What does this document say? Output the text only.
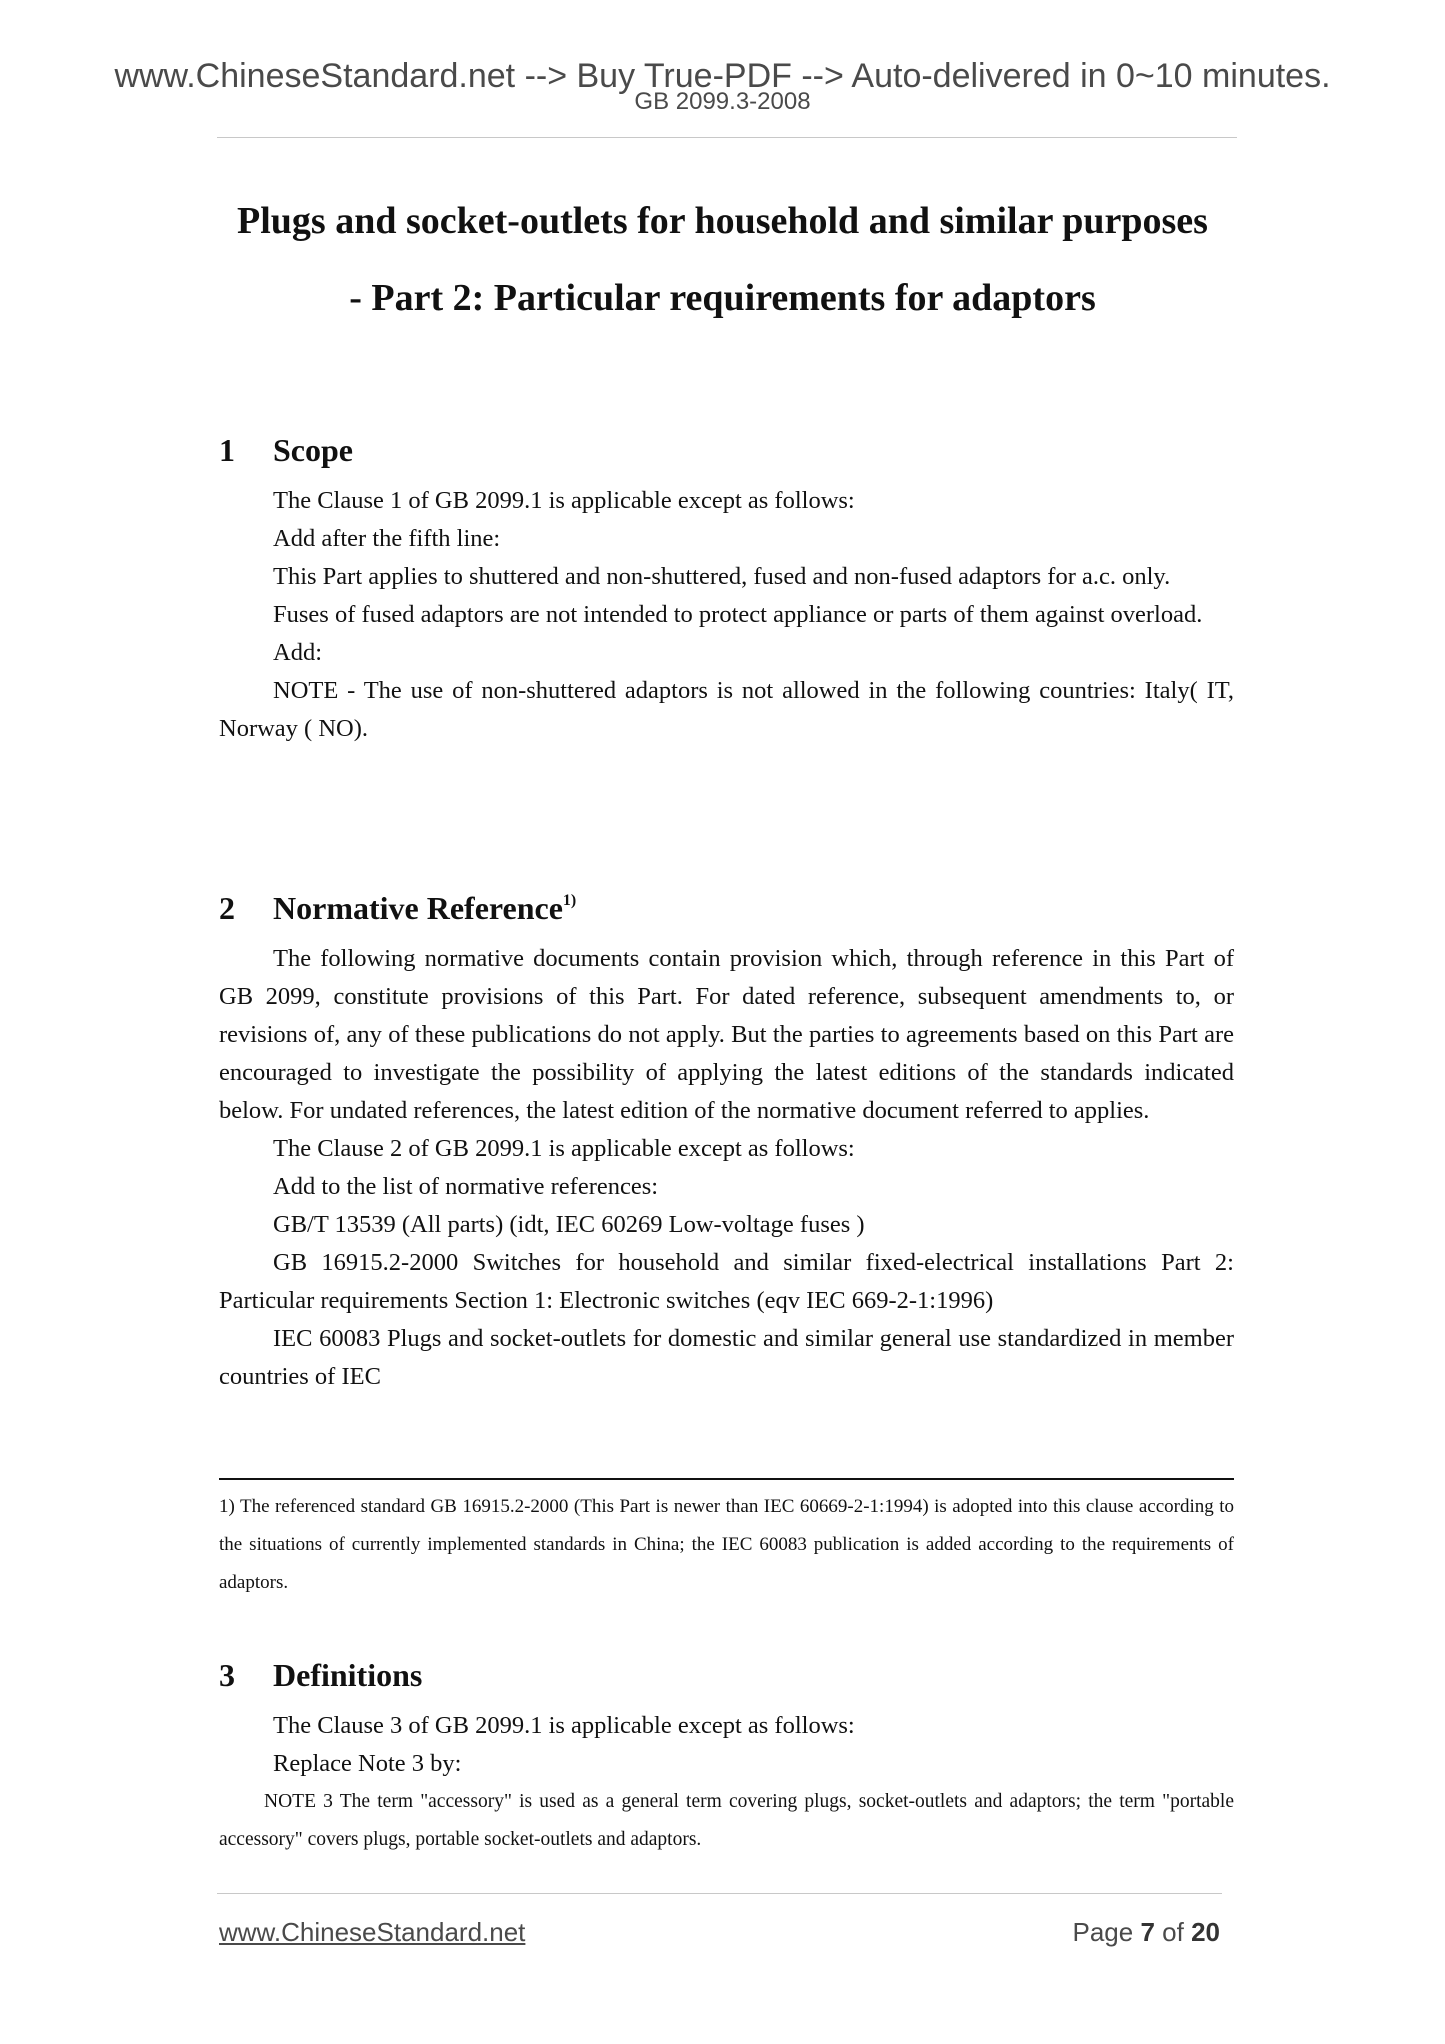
www.ChineseStandard.net --> Buy True-PDF --> Auto-delivered in 0~10 minutes.
GB 2099.3-2008
Plugs and socket-outlets for household and similar purposes
- Part 2: Particular requirements for adaptors
1 Scope

The Clause 1 of GB 2099.1 is applicable except as follows:

Add after the fifth line:

This Part applies to shuttered and non-shuttered, fused and non-fused adaptors for a.c. only.

Fuses of fused adaptors are not intended to protect appliance or parts of them against overload.

Add:

NOTE - The use of non-shuttered adaptors is not allowed in the following countries: Italy( IT, Norway ( NO).

2 Normative Reference$^{1)}$

The following normative documents contain provision which, through reference in this Part of GB 2099, constitute provisions of this Part. For dated reference, subsequent amendments to, or revisions of, any of these publications do not apply. But the parties to agreements based on this Part are encouraged to investigate the possibility of applying the latest editions of the standards indicated below. For undated references, the latest edition of the normative document referred to applies.

The Clause 2 of GB 2099.1 is applicable except as follows:

Add to the list of normative references:

GB/T 13539 (All parts) (idt, IEC 60269 Low-voltage fuses )

GB 16915.2-2000 Switches for household and similar fixed-electrical installations Part 2: Particular requirements Section 1: Electronic switches (eqv IEC 669-2-1:1996)

IEC 60083 Plugs and socket-outlets for domestic and similar general use standardized in member countries of IEC

1) The referenced standard GB 16915.2-2000 (This Part is newer than IEC 60669-2-1:1994) is adopted into this clause according to the situations of currently implemented standards in China; the IEC 60083 publication is added according to the requirements of adaptors.

3 Definitions

The Clause 3 of GB 2099.1 is applicable except as follows:

Replace Note 3 by:

NOTE 3 The term "accessory" is used as a general term covering plugs, socket-outlets and adaptors; the term "portable accessory" covers plugs, portable socket-outlets and adaptors.

www.ChineseStandard.net	Page 7 of 20
